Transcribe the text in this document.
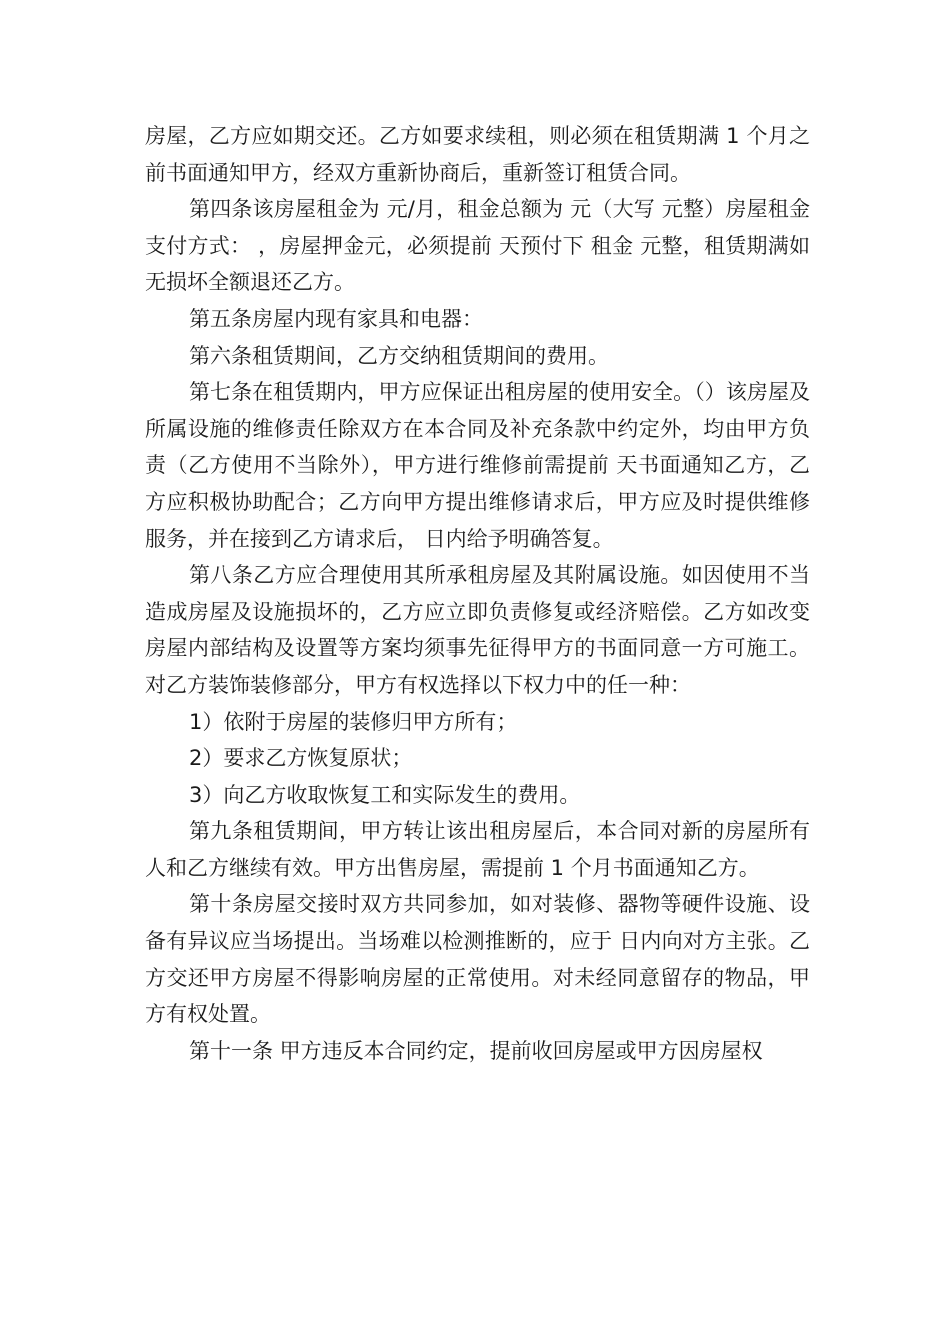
房屋，乙方应如期交还。乙方如要求续租，则必须在租赁期满 1 个月之前书面通知甲方，经双方重新协商后，重新签订租赁合同。

第四条该房屋租金为 元/月，租金总额为 元（大写 元整）房屋租金支付方式： ，房屋押金元，必须提前 天预付下 租金 元整，租赁期满如无损坏全额退还乙方。

第五条房屋内现有家具和电器：

第六条租赁期间，乙方交纳租赁期间的费用。

第七条在租赁期内，甲方应保证出租房屋的使用安全。（）该房屋及所属设施的维修责任除双方在本合同及补充条款中约定外，均由甲方负责（乙方使用不当除外），甲方进行维修前需提前 天书面通知乙方，乙方应积极协助配合；乙方向甲方提出维修请求后，甲方应及时提供维修服务，并在接到乙方请求后， 日内给予明确答复。

第八条乙方应合理使用其所承租房屋及其附属设施。如因使用不当造成房屋及设施损坏的，乙方应立即负责修复或经济赔偿。乙方如改变房屋内部结构及设置等方案均须事先征得甲方的书面同意一方可施工。对乙方装饰装修部分，甲方有权选择以下权力中的任一种：

1）依附于房屋的装修归甲方所有；

2）要求乙方恢复原状；

3）向乙方收取恢复工和实际发生的费用。

第九条租赁期间，甲方转让该出租房屋后，本合同对新的房屋所有人和乙方继续有效。甲方出售房屋，需提前 1 个月书面通知乙方。

第十条房屋交接时双方共同参加，如对装修、器物等硬件设施、设备有异议应当场提出。当场难以检测推断的，应于 日内向对方主张。乙方交还甲方房屋不得影响房屋的正常使用。对未经同意留存的物品，甲方有权处置。

第十一条 甲方违反本合同约定，提前收回房屋或甲方因房屋权
